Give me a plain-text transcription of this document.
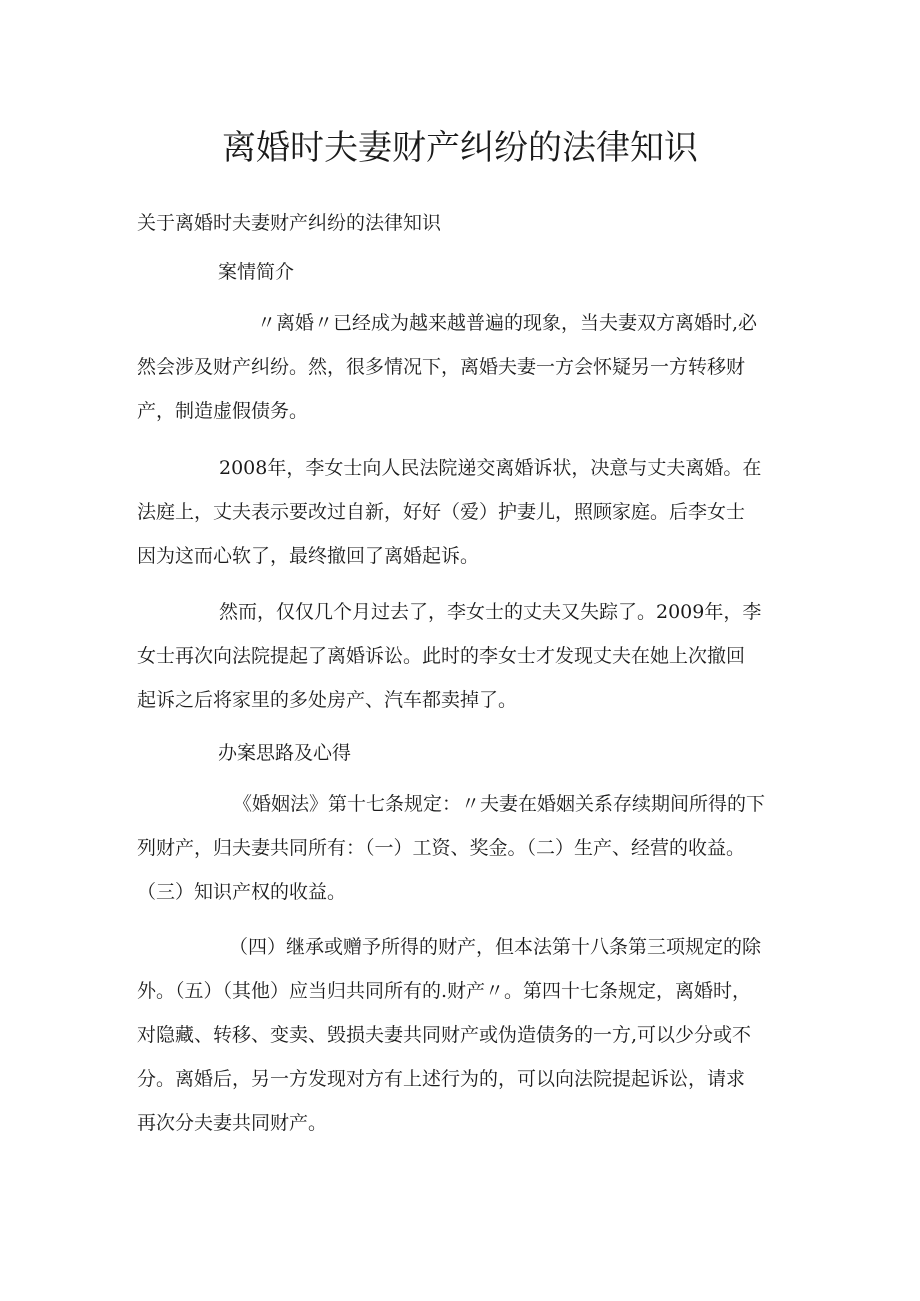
离婚时夫妻财产纠纷的法律知识
关于离婚时夫妻财产纠纷的法律知识
案情简介
〃离婚〃已经成为越来越普遍的现象，当夫妻双方离婚时,必
然会涉及财产纠纷。然，很多情况下，离婚夫妻一方会怀疑另一方转移财
产，制造虚假债务。
2008年，李女士向人民法院递交离婚诉状，决意与丈夫离婚。在
法庭上，丈夫表示要改过自新，好好（爱）护妻儿，照顾家庭。后李女士
因为这而心软了，最终撤回了离婚起诉。
然而，仅仅几个月过去了，李女士的丈夫又失踪了。2009年，李
女士再次向法院提起了离婚诉讼。此时的李女士才发现丈夫在她上次撤回
起诉之后将家里的多处房产、汽车都卖掉了。
办案思路及心得
《婚姻法》第十七条规定：〃夫妻在婚姻关系存续期间所得的下
列财产，归夫妻共同所有：（一）工资、奖金。（二）生产、经营的收益。
（三）知识产权的收益。
（四）继承或赠予所得的财产，但本法第十八条第三项规定的除
外。（五）（其他）应当归共同所有的.财产〃。第四十七条规定，离婚时，
对隐藏、转移、变卖、毁损夫妻共同财产或伪造债务的一方,可以少分或不
分。离婚后，另一方发现对方有上述行为的，可以向法院提起诉讼，请求
再次分夫妻共同财产。
